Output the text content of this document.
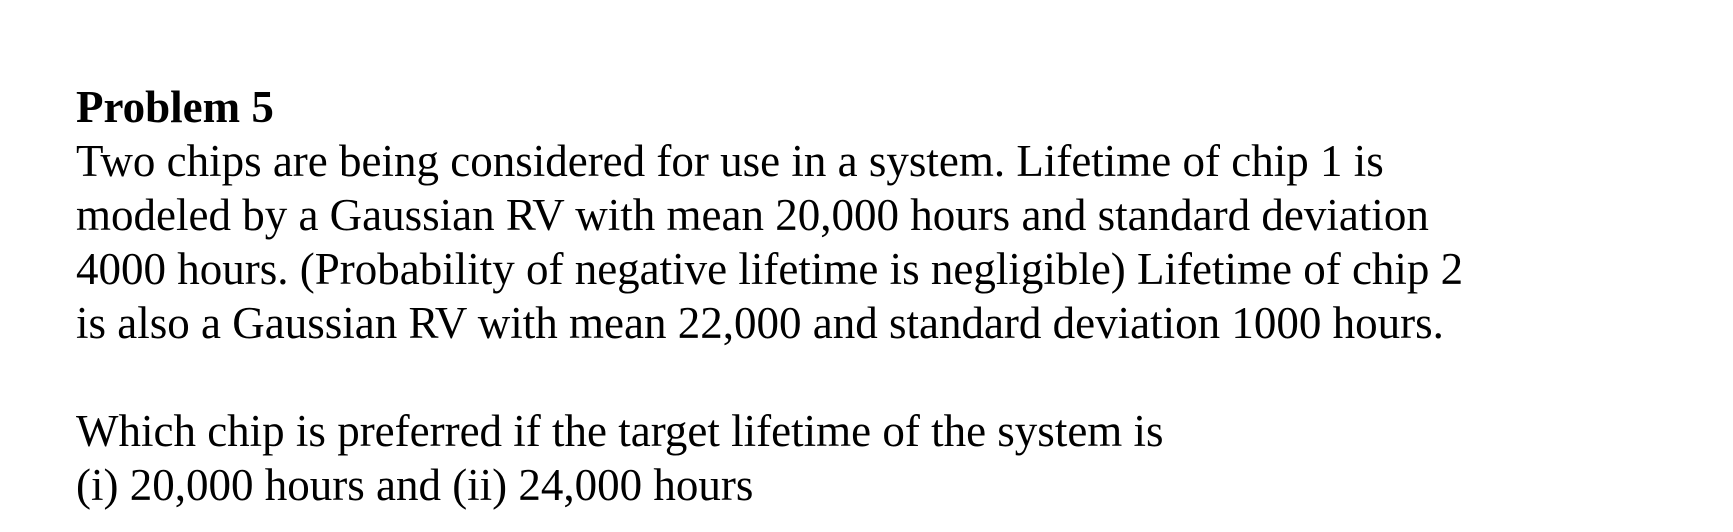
Problem 5
Two chips are being considered for use in a system. Lifetime of chip 1 is
modeled by a Gaussian RV with mean 20,000 hours and standard deviation
4000 hours. (Probability of negative lifetime is negligible) Lifetime of chip 2
is also a Gaussian RV with mean 22,000 and standard deviation 1000 hours.
Which chip is preferred if the target lifetime of the system is
(i) 20,000 hours and (ii) 24,000 hours
